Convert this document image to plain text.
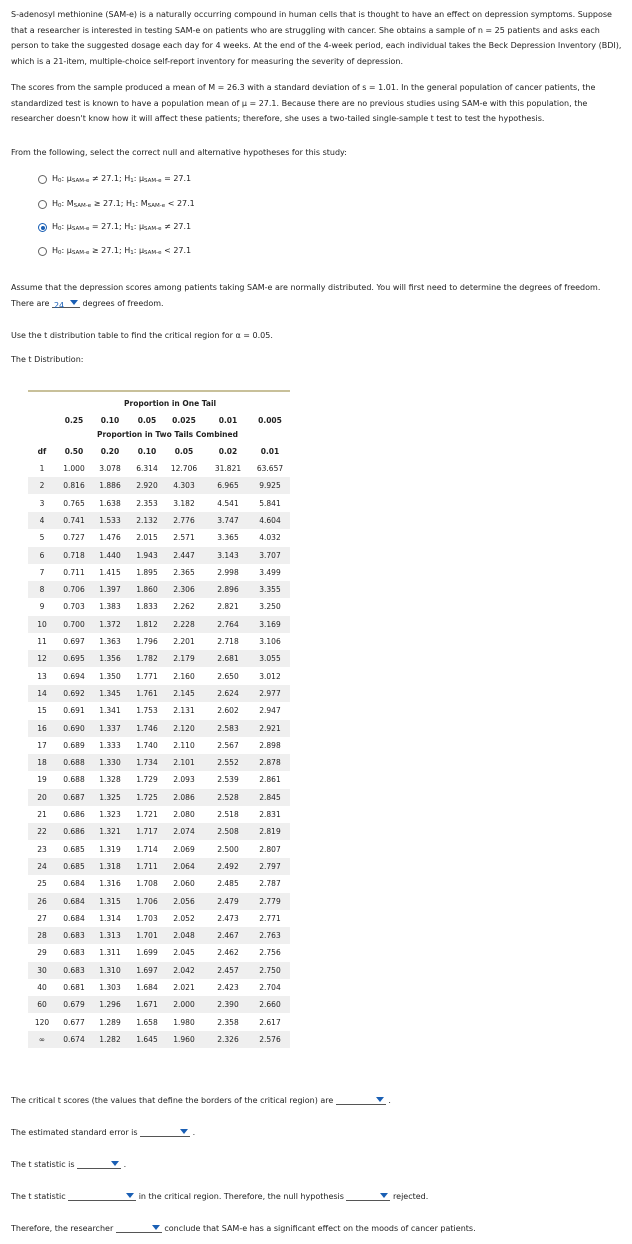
S-adenosyl methionine (SAM-e) is a naturally occurring compound in human cells that is thought to have an effect on depression symptoms. Suppose that a researcher is interested in testing SAM-e on patients who are struggling with cancer. She obtains a sample of n = 25 patients and asks each person to take the suggested dosage each day for 4 weeks. At the end of the 4-week period, each individual takes the Beck Depression Inventory (BDI), which is a 21-item, multiple-choice self-report inventory for measuring the severity of depression.

The scores from the sample produced a mean of M = 26.3 with a standard deviation of s = 1.01. In the general population of cancer patients, the standardized test is known to have a population mean of μ = 27.1. Because there are no previous studies using SAM-e with this population, the researcher doesn't know how it will affect these patients; therefore, she uses a two-tailed single-sample t test to test the hypothesis.

From the following, select the correct null and alternative hypotheses for this study:

$H_0$: $\mu_{SAM-e} \ne 27.1$; $H_1$: $\mu_{SAM-e} = 27.1$
$H_0$: $M_{SAM-e} \ge 27.1$; $H_1$: $M_{SAM-e} < 27.1$
$H_0$: $\mu_{SAM-e} = 27.1$; $H_1$: $\mu_{SAM-e} \ne 27.1$
$H_0$: $\mu_{SAM-e} \ge 27.1$; $H_1$: $\mu_{SAM-e} < 27.1$

Assume that the depression scores among patients taking SAM-e are normally distributed. You will first need to determine the degrees of freedom.

There are 24 degrees of freedom.

Use the t distribution table to find the critical region for α = 0.05.

The t Distribution:

Proportion in One Tail
0.25	0.10	0.05	0.025	0.01	0.005
Proportion in Two Tails Combined
df	0.50	0.20	0.10	0.05	0.02	0.01
1	1.000	3.078	6.314	12.706 31.821 63.657
2	0.816	1.886	2.920	4.303	6.965	9.925
3	0.765	1.638	2.353	3.182	4.541	5.841
4	0.741	1.533	2.132	2.776	3.747	4.604
5	0.727	1.476	2.015	2.571	3.365	4.032
6	0.718	1.440	1.943	2.447	3.143	3.707
7	0.711	1.415	1.895	2.365	2.998	3.499
8	0.706	1.397	1.860	2.306	2.896	3.355
9	0.703	1.383	1.833	2.262	2.821	3.250
10	0.700	1.372	1.812	2.228	2.764	3.169
11	0.697	1.363	1.796	2.201	2.718	3.106
12	0.695	1.356	1.782	2.179	2.681	3.055
13	0.694	1.350	1.771	2.160	2.650	3.012
14	0.692	1.345	1.761	2.145	2.624	2.977
15	0.691	1.341	1.753	2.131	2.602	2.947
16	0.690	1.337	1.746	2.120	2.583	2.921
17	0.689	1.333	1.740	2.110	2.567	2.898
18	0.688	1.330	1.734	2.101	2.552	2.878
19	0.688	1.328	1.729	2.093	2.539	2.861
20	0.687	1.325	1.725	2.086	2.528	2.845
21	0.686	1.323	1.721	2.080	2.518	2.831
22	0.686	1.321	1.717	2.074	2.508	2.819
23	0.685	1.319	1.714	2.069	2.500	2.807
24	0.685	1.318	1.711	2.064	2.492	2.797
25	0.684	1.316	1.708	2.060	2.485	2.787
26	0.684	1.315	1.706	2.056	2.479	2.779
27	0.684	1.314	1.703	2.052	2.473	2.771
28	0.683	1.313	1.701	2.048	2.467	2.763
29	0.683	1.311	1.699	2.045	2.462	2.756
30	0.683	1.310	1.697	2.042	2.457	2.750
40	0.681	1.303	1.684	2.021	2.423	2.704
60	0.679	1.296	1.671	2.000	2.390	2.660
120	0.677	1.289	1.658	1.980	2.358	2.617
∞	0.674	1.282	1.645	1.960	2.326	2.576

The critical t scores (the values that define the borders of the critical region) are	.

The estimated standard error is	.

The t statistic is	.

The t statistic	in the critical region. Therefore, the null hypothesis	rejected.

Therefore, the researcher	conclude that SAM-e has a significant effect on the moods of cancer patients.
